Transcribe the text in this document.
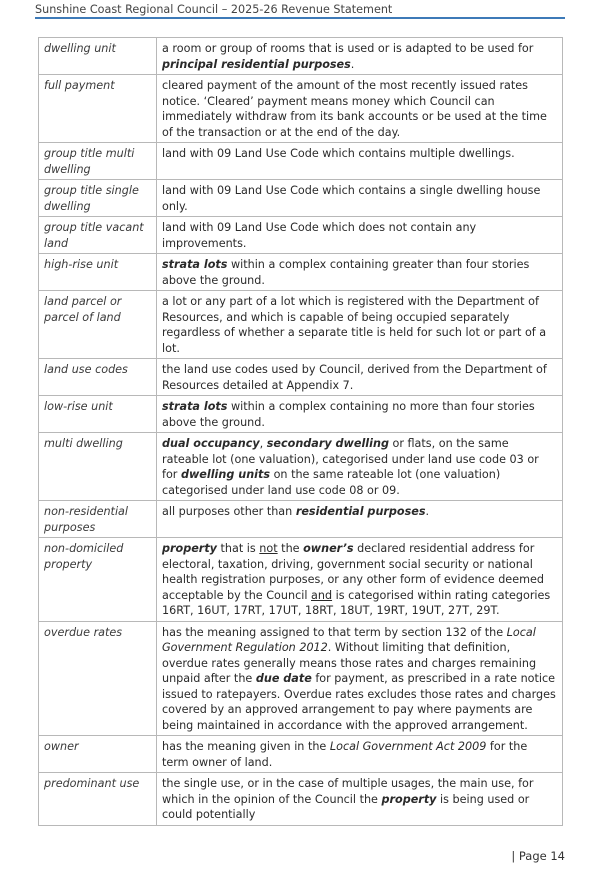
Sunshine Coast Regional Council – 2025-26 Revenue Statement
dwelling unit	a room or group of rooms that is used or is adapted to be used for principal residential purposes.
full payment	cleared payment of the amount of the most recently issued rates notice. ‘Cleared’ payment means money which Council can immediately withdraw from its bank accounts or be used at the time of the transaction or at the end of the day.
group title multi dwelling	land with 09 Land Use Code which contains multiple dwellings.
group title single dwelling	land with 09 Land Use Code which contains a single dwelling house only.
group title vacant land	land with 09 Land Use Code which does not contain any improvements.
high-rise unit	strata lots within a complex containing greater than four stories above the ground.
land parcel or parcel of land	a lot or any part of a lot which is registered with the Department of Resources, and which is capable of being occupied separately regardless of whether a separate title is held for such lot or part of a lot.
land use codes	the land use codes used by Council, derived from the Department of Resources detailed at Appendix 7.
low-rise unit	strata lots within a complex containing no more than four stories above the ground.
multi dwelling	dual occupancy, secondary dwelling or flats, on the same rateable lot (one valuation), categorised under land use code 03 or for dwelling units on the same rateable lot (one valuation) categorised under land use code 08 or 09.
non-residential purposes	all purposes other than residential purposes.
non-domiciled property	property that is not the owner’s declared residential address for electoral, taxation, driving, government social security or national health registration purposes, or any other form of evidence deemed acceptable by the Council and is categorised within rating categories 16RT, 16UT, 17RT, 17UT, 18RT, 18UT, 19RT, 19UT, 27T, 29T.
overdue rates	has the meaning assigned to that term by section 132 of the Local Government Regulation 2012. Without limiting that definition, overdue rates generally means those rates and charges remaining unpaid after the due date for payment, as prescribed in a rate notice issued to ratepayers. Overdue rates excludes those rates and charges covered by an approved arrangement to pay where payments are being maintained in accordance with the approved arrangement.
owner	has the meaning given in the Local Government Act 2009 for the term owner of land.
predominant use	the single use, or in the case of multiple usages, the main use, for which in the opinion of the Council the property is being used or could potentially
| Page 14
